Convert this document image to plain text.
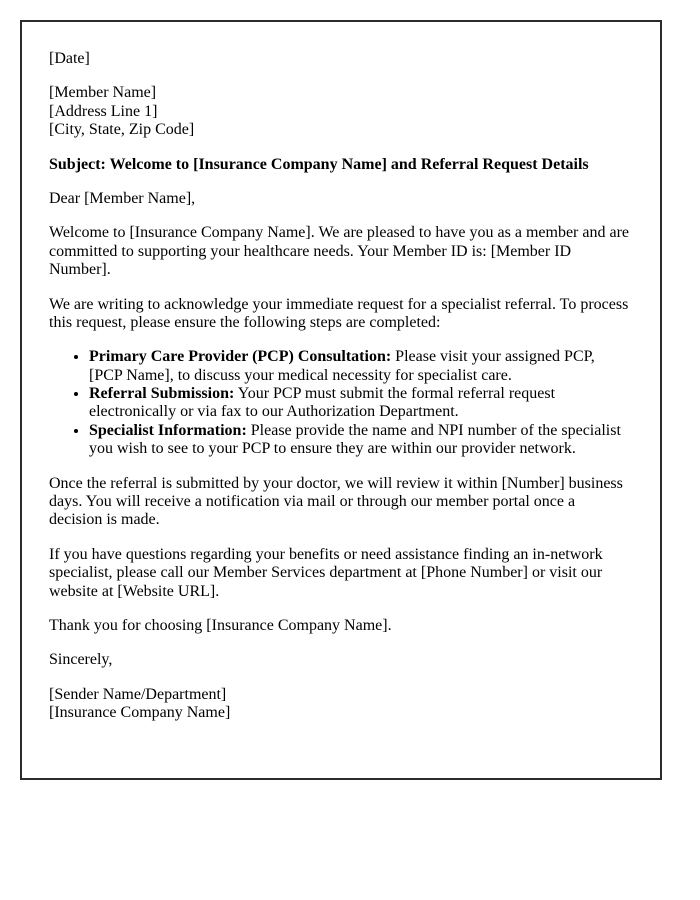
[Date]

[Member Name]
[Address Line 1]
[City, State, Zip Code]

Subject: Welcome to [Insurance Company Name] and Referral Request Details

Dear [Member Name],

Welcome to [Insurance Company Name]. We are pleased to have you as a member and are committed to supporting your healthcare needs. Your Member ID is: [Member ID Number].

We are writing to acknowledge your immediate request for a specialist referral. To process this request, please ensure the following steps are completed:

• Primary Care Provider (PCP) Consultation: Please visit your assigned PCP, [PCP Name], to discuss your medical necessity for specialist care.
• Referral Submission: Your PCP must submit the formal referral request electronically or via fax to our Authorization Department.
• Specialist Information: Please provide the name and NPI number of the specialist you wish to see to your PCP to ensure they are within our provider network.

Once the referral is submitted by your doctor, we will review it within [Number] business days. You will receive a notification via mail or through our member portal once a decision is made.

If you have questions regarding your benefits or need assistance finding an in-network specialist, please call our Member Services department at [Phone Number] or visit our website at [Website URL].

Thank you for choosing [Insurance Company Name].

Sincerely,

[Sender Name/Department]
[Insurance Company Name]
